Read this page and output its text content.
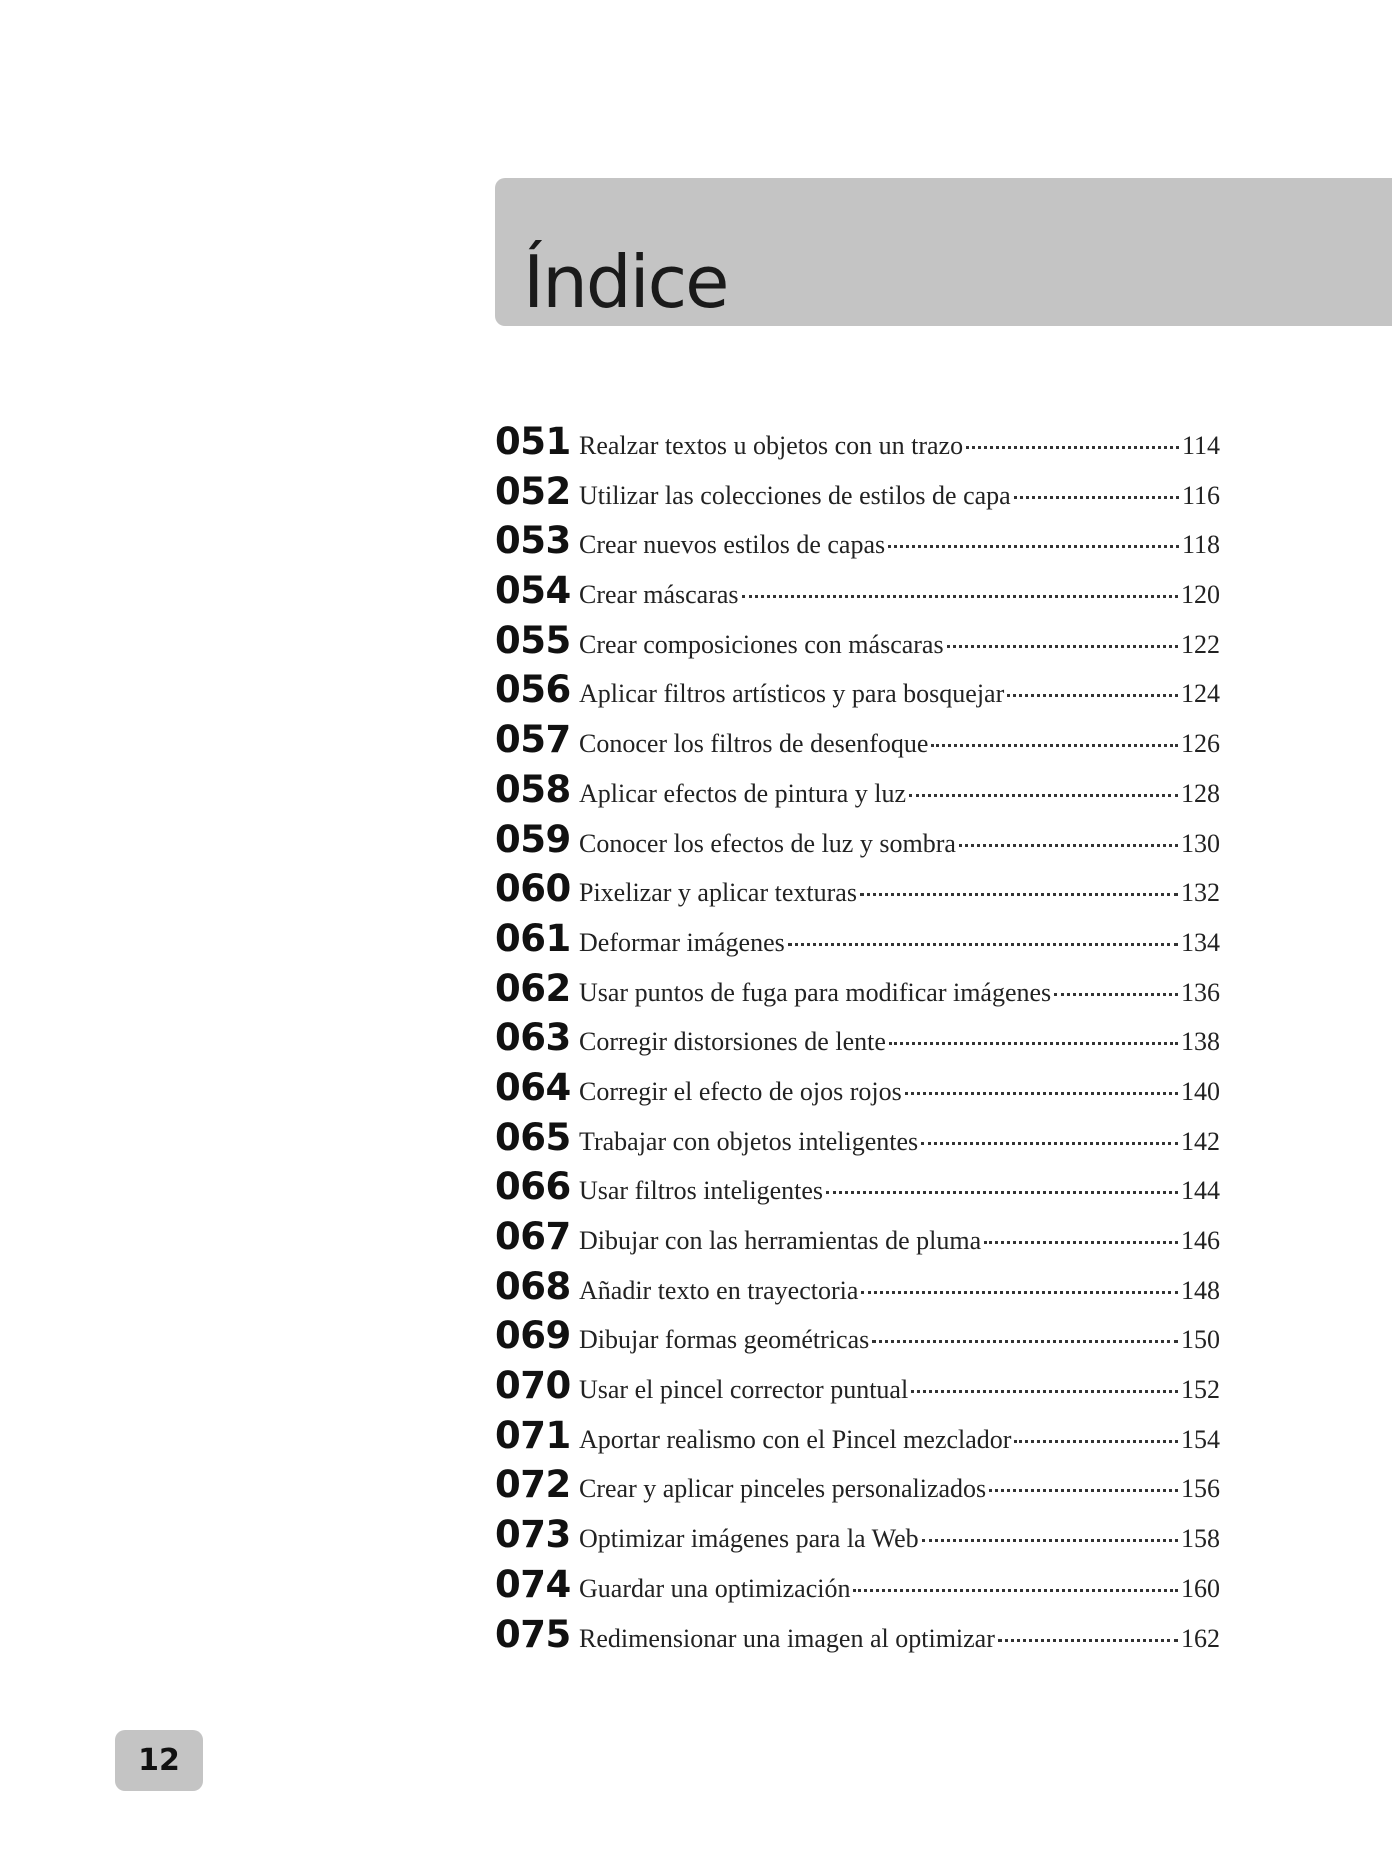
Índice
051 Realzar textos u objetos con un trazo	114
052 Utilizar las colecciones de estilos de capa	116
053 Crear nuevos estilos de capas	118
054 Crear máscaras	120
055 Crear composiciones con máscaras	122
056 Aplicar filtros artísticos y para bosquejar	124
057 Conocer los filtros de desenfoque	126
058 Aplicar efectos de pintura y luz	128
059 Conocer los efectos de luz y sombra	130
060 Pixelizar y aplicar texturas	132
061 Deformar imágenes	134
062 Usar puntos de fuga para modificar imágenes	136
063 Corregir distorsiones de lente	138
064 Corregir el efecto de ojos rojos	140
065 Trabajar con objetos inteligentes	142
066 Usar filtros inteligentes	144
067 Dibujar con las herramientas de pluma	146
068 Añadir texto en trayectoria	148
069 Dibujar formas geométricas	150
070 Usar el pincel corrector puntual	152
071 Aportar realismo con el Pincel mezclador	154
072 Crear y aplicar pinceles personalizados	156
073 Optimizar imágenes para la Web	158
074 Guardar una optimización	160
075 Redimensionar una imagen al optimizar	162
12
